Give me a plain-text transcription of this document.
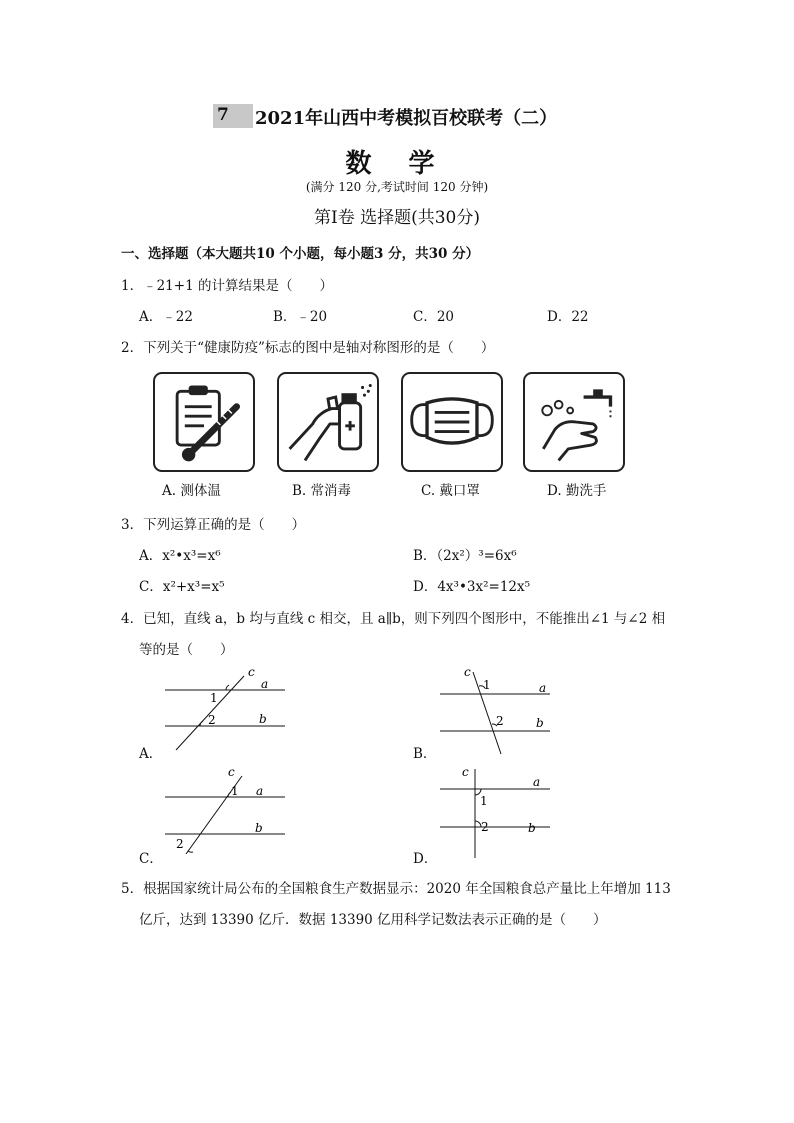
7 2021年山西中考模拟百校联考（二）
数 学
(满分 120 分,考试时间 120 分钟)
第Ⅰ卷 选择题(共30分)
一、选择题（本大题共10 个小题，每小题3 分，共30 分）
1．﹣21+1 的计算结果是（　　）
A．﹣22	B．﹣20	C．20	D．22
2．下列关于“健康防疫”标志的图中是轴对称图形的是（　　）
A. 测体温	B. 常消毒	C. 戴口罩	D. 勤洗手
3．下列运算正确的是（　　）
A．x²•x³=x⁶	B．（2x²）³=6x⁶
C．x²+x³=x⁵	D．4x³•3x²=12x⁵
4．已知，直线 a，b 均与直线 c 相交，且 a∥b，则下列四个图形中，不能推出∠1 与∠2 相
等的是（　　）
c
a
b
1
2
A．
c
a
b
1
2
B．
c
a
b
1
2
C．
c
a
b
1
2
D．
5．根据国家统计局公布的全国粮食生产数据显示：2020 年全国粮食总产量比上年增加 113
亿斤，达到 13390 亿斤．数据 13390 亿用科学记数法表示正确的是（　　）
